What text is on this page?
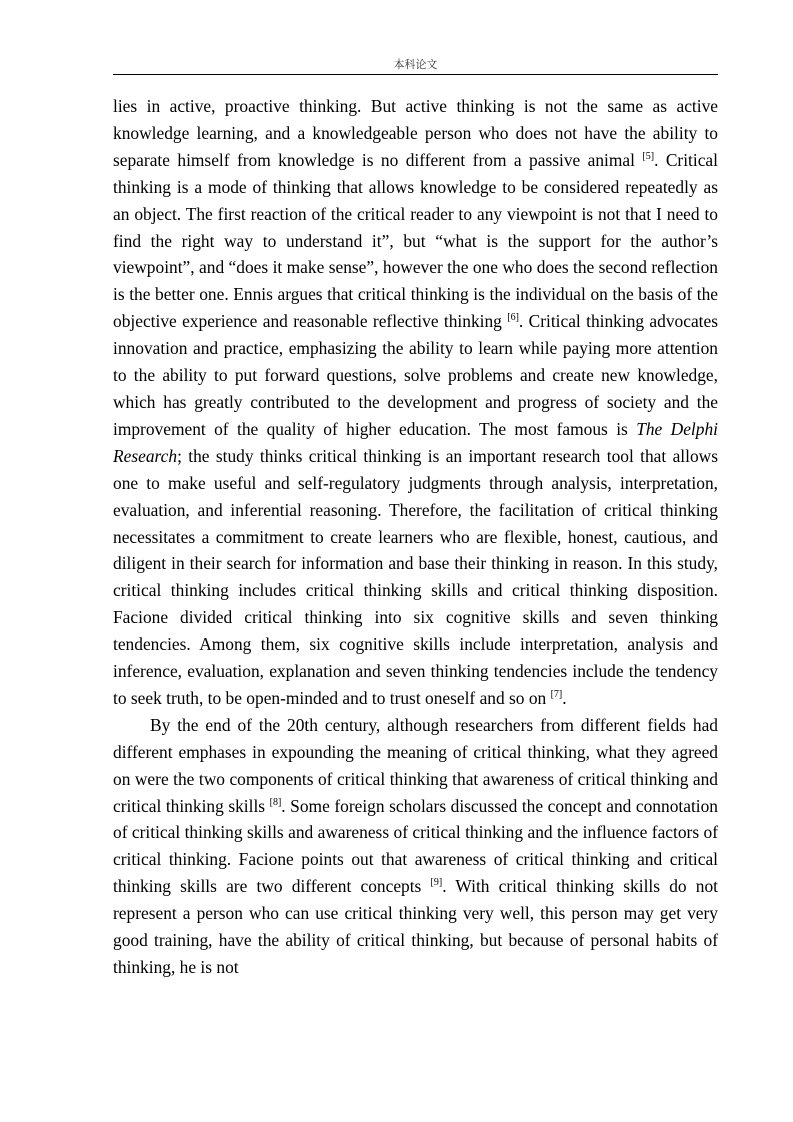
本科论文

lies in active, proactive thinking. But active thinking is not the same as active knowledge learning, and a knowledgeable person who does not have the ability to separate himself from knowledge is no different from a passive animal [5]. Critical thinking is a mode of thinking that allows knowledge to be considered repeatedly as an object. The first reaction of the critical reader to any viewpoint is not that I need to find the right way to understand it”, but “what is the support for the author’s viewpoint”, and “does it make sense”, however the one who does the second reflection is the better one. Ennis argues that critical thinking is the individual on the basis of the objective experience and reasonable reflective thinking [6]. Critical thinking advocates innovation and practice, emphasizing the ability to learn while paying more attention to the ability to put forward questions, solve problems and create new knowledge, which has greatly contributed to the development and progress of society and the improvement of the quality of higher education. The most famous is The Delphi Research; the study thinks critical thinking is an important research tool that allows one to make useful and self-regulatory judgments through analysis, interpretation, evaluation, and inferential reasoning. Therefore, the facilitation of critical thinking necessitates a commitment to create learners who are flexible, honest, cautious, and diligent in their search for information and base their thinking in reason. In this study, critical thinking includes critical thinking skills and critical thinking disposition. Facione divided critical thinking into six cognitive skills and seven thinking tendencies. Among them, six cognitive skills include interpretation, analysis and inference, evaluation, explanation and seven thinking tendencies include the tendency to seek truth, to be open-minded and to trust oneself and so on [7].

By the end of the 20th century, although researchers from different fields had different emphases in expounding the meaning of critical thinking, what they agreed on were the two components of critical thinking that awareness of critical thinking and critical thinking skills [8]. Some foreign scholars discussed the concept and connotation of critical thinking skills and awareness of critical thinking and the influence factors of critical thinking. Facione points out that awareness of critical thinking and critical thinking skills are two different concepts [9]. With critical thinking skills do not represent a person who can use critical thinking very well, this person may get very good training, have the ability of critical thinking, but because of personal habits of thinking, he is not
